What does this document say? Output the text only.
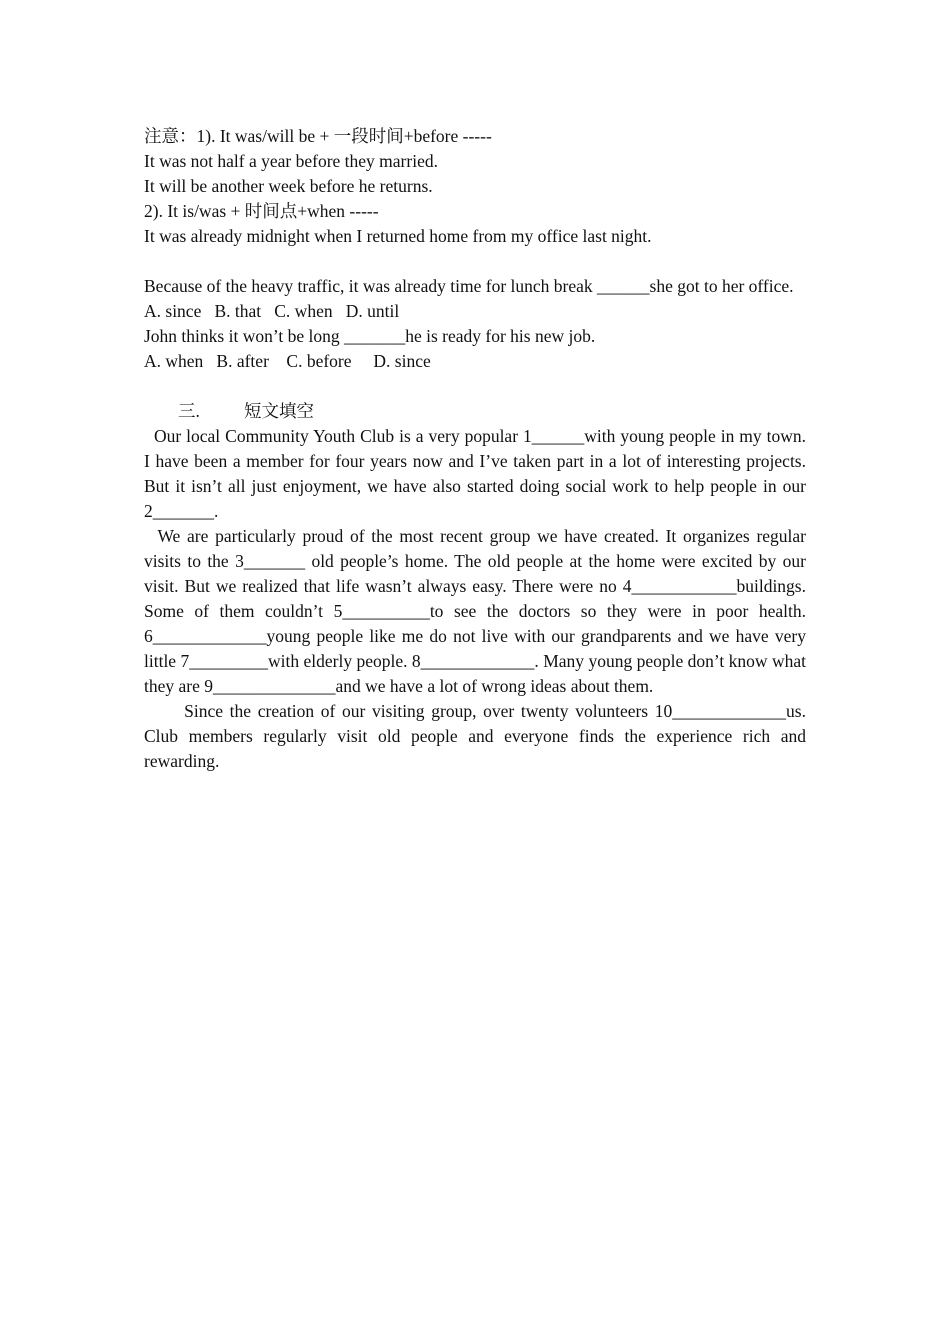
注意：1). It was/will be + 一段时间+before -----

It was not half a year before they married.

It will be another week before he returns.

2). It is/was + 时间点+when -----

It was already midnight when I returned home from my office last night.

Because of the heavy traffic, it was already time for lunch break ______she got to her office.

A. since   B. that   C. when   D. until

John thinks it won’t be long _______he is ready for his new job.

A. when   B. after    C. before     D. since

三.	短文填空

Our local Community Youth Club is a very popular 1______with young people in my town. I have been a member for four years now and I’ve taken part in a lot of interesting projects. But it isn’t all just enjoyment, we have also started doing social work to help people in our 2_______.

We are particularly proud of the most recent group we have created. It organizes regular visits to the 3_______ old people’s home. The old people at the home were excited by our visit. But we realized that life wasn’t always easy. There were no 4____________buildings. Some of them couldn’t 5__________to see the doctors so they were in poor health. 6_____________young people like me do not live with our grandparents and we have very little 7_________with elderly people. 8_____________. Many young people don’t know what they are 9______________and we have a lot of wrong ideas about them.

Since the creation of our visiting group, over twenty volunteers 10_____________us. Club members regularly visit old people and everyone finds the experience rich and rewarding.
